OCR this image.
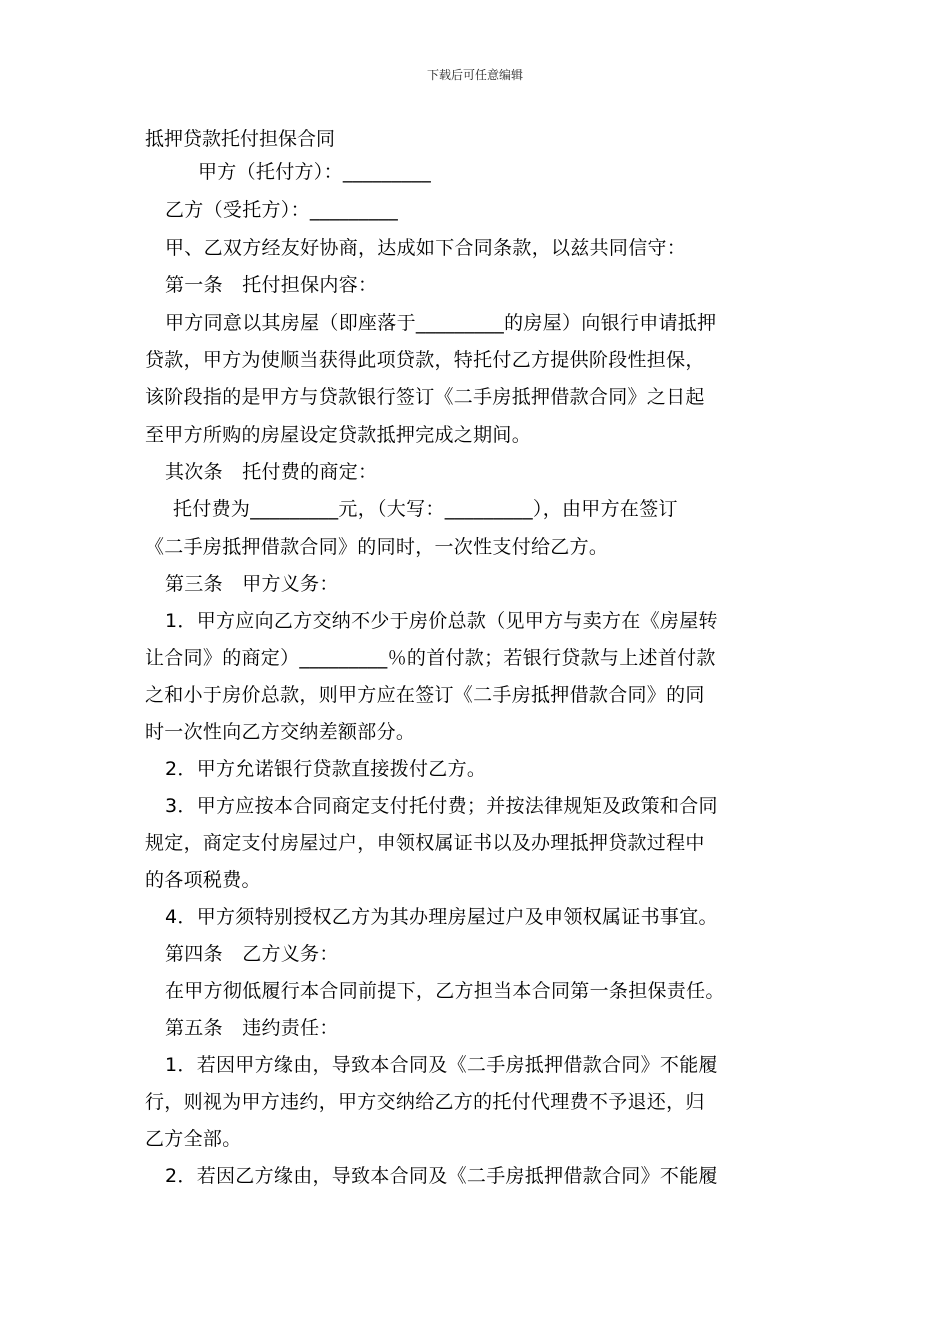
下载后可任意编辑
抵押贷款托付担保合同
甲方（托付方）：_________
乙方（受托方）：_________
甲、乙双方经友好协商，达成如下合同条款，以兹共同信守：
第一条　托付担保内容：
甲方同意以其房屋（即座落于_________的房屋）向银行申请抵押
贷款，甲方为使顺当获得此项贷款，特托付乙方提供阶段性担保，
该阶段指的是甲方与贷款银行签订《二手房抵押借款合同》之日起
至甲方所购的房屋设定贷款抵押完成之期间。
其次条　托付费的商定：
托付费为_________元，（大写：_________），由甲方在签订
《二手房抵押借款合同》的同时，一次性支付给乙方。
第三条　甲方义务：
1．甲方应向乙方交纳不少于房价总款（见甲方与卖方在《房屋转
让合同》的商定）_________％的首付款；若银行贷款与上述首付款
之和小于房价总款，则甲方应在签订《二手房抵押借款合同》的同
时一次性向乙方交纳差额部分。
2．甲方允诺银行贷款直接拨付乙方。
3．甲方应按本合同商定支付托付费；并按法律规矩及政策和合同
规定，商定支付房屋过户，申领权属证书以及办理抵押贷款过程中
的各项税费。
4．甲方须特别授权乙方为其办理房屋过户及申领权属证书事宜。
第四条　乙方义务：
在甲方彻低履行本合同前提下，乙方担当本合同第一条担保责任。
第五条　违约责任：
1．若因甲方缘由，导致本合同及《二手房抵押借款合同》不能履
行，则视为甲方违约，甲方交纳给乙方的托付代理费不予退还，归
乙方全部。
2．若因乙方缘由，导致本合同及《二手房抵押借款合同》不能履
